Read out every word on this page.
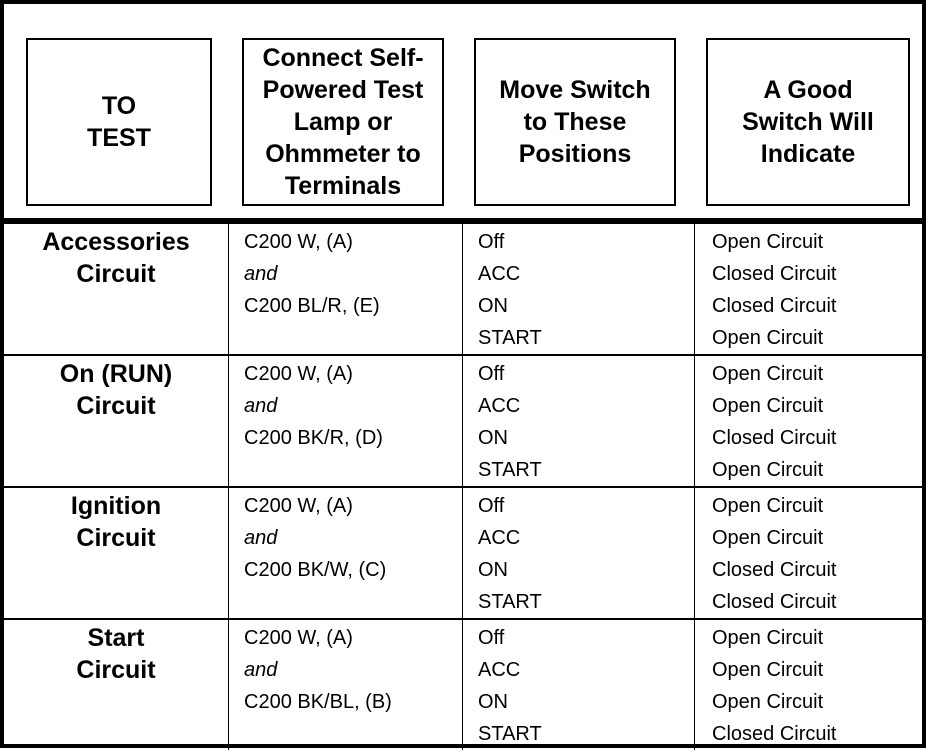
TO
TEST
Connect Self-
Powered Test
Lamp or
Ohmmeter to
Terminals
Move Switch
to These
Positions
A Good
Switch Will
Indicate
Accessories
Circuit
C200 W, (A)
and
C200 BL/R, (E)
Off
ACC
ON
START
Open Circuit
Closed Circuit
Closed Circuit
Open Circuit
On (RUN)
Circuit
C200 W, (A)
and
C200 BK/R, (D)
Off
ACC
ON
START
Open Circuit
Open Circuit
Closed Circuit
Open Circuit
Ignition
Circuit
C200 W, (A)
and
C200 BK/W, (C)
Off
ACC
ON
START
Open Circuit
Open Circuit
Closed Circuit
Closed Circuit
Start
Circuit
C200 W, (A)
and
C200 BK/BL, (B)
Off
ACC
ON
START
Open Circuit
Open Circuit
Open Circuit
Closed Circuit
